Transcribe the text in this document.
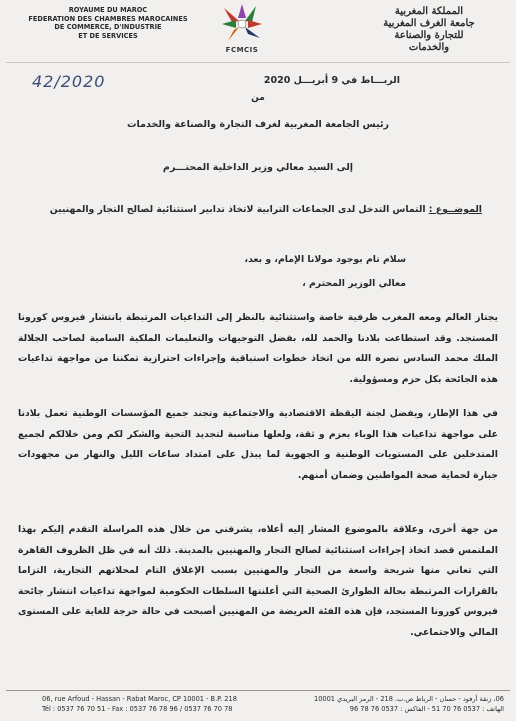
ROYAUME DU MAROC
FEDERATION DES CHAMBRES MAROCAINES
DE COMMERCE, D'INDUSTRIE
ET DE SERVICES
FCMCIS
المملكة المغربية
جامعة الغرف المغربية
للتجارة والصناعة
والخدمات
42/2020	الربـــاط في 9 أبريـــل 2020
من
رئيس الجامعة المغربية لغرف التجارة والصناعة والخدمات
إلى السيد معالي وزير الداخلية المحتـــرم
الموضــوع : التماس التدخل لدى الجماعات الترابية لاتخاذ تدابير استثنائية لصالح التجار والمهنيين
سلام تام بوجود مولانا الإمام، و بعد،
معالي الوزير المحترم ،
يجتاز العالم ومعه المغرب ظرفية خاصة واستثنائية بالنظر إلى التداعيات المرتبطة بانتشار فيروس كورونا المستجد. وقد استطاعت بلادنا والحمد لله، بفضل التوجيهات والتعليمات الملكية السامية لصاحب الجلالة الملك محمد السادس نصره الله من اتخاذ خطوات استباقية وإجراءات احترازية تمكننا من مواجهة تداعيات هذه الجائحة بكل حزم ومسؤولية.
في هذا الإطار، ويفضل لجنة اليقظة الاقتصادية والاجتماعية وتجند جميع المؤسسات الوطنية تعمل بلادنا على مواجهة تداعيات هذا الوباء بعزم و ثقة، ولعلها مناسبة لتجديد التحية والشكر لكم ومن خلالكم لجميع المتدخلين على المستويات الوطنية و الجهوية لما يبذل على امتداد ساعات الليل والنهار من مجهودات جبارة لحماية صحة المواطنين وضمان أمنهم.
من جهة أخرى، وعلاقة بالموضوع المشار إليه أعلاه، يشرفني من خلال هذه المراسلة التقدم إليكم بهذا الملتمس قصد اتخاذ إجراءات استثنائية لصالح التجار والمهنيين بالمدينة. ذلك أنه في ظل الظروف القاهرة التي تعاني منها شريحة واسعة من التجار والمهنيين بسبب الإغلاق التام لمحلاتهم التجارية، التزاما بالقرارات المرتبطة بحالة الطوارئ الصحية التي أعلنتها السلطات الحكومية لمواجهة تداعيات انتشار جائحة فيروس كورونا المستجد، فإن هذه الفئة العريضة من المهنيين أصبحت في حالة حرجة للغاية على المستوى المالي والاجتماعي.
06, rue Arfoud - Hassan - Rabat Maroc, CP 10001 - B.P. 218
Tél : 0537 76 70 51 - Fax : 0537 76 78 96 / 0537 76 70 78
06، زنقة أرفود - حسان - الرباط ص.ب. 218 - الرمز البريدي 10001
الهاتف : 0537 76 70 51 - الفاكس : 0537 76 78 96
